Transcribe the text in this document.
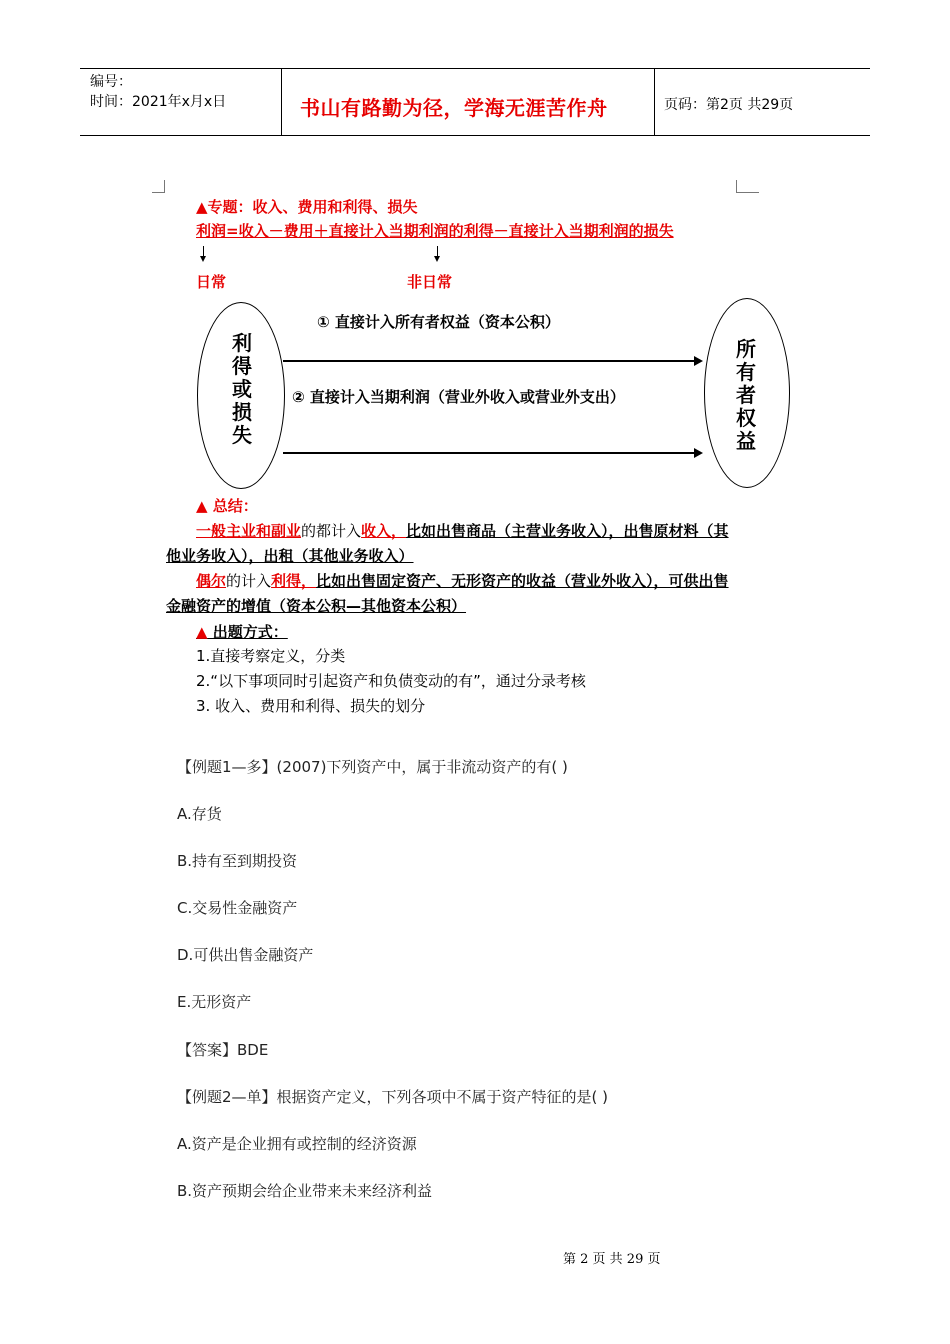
编号：
时间：2021年x月x日	书山有路勤为径，学海无涯苦作舟	页码：第2页 共29页
▲专题：收入、费用和利得、损失
利润=收入－费用＋直接计入当期利润的利得－直接计入当期利润的损失
日常	非日常
利
得
或
损
失
所
有
者
权
益
① 直接计入所有者权益（资本公积）
② 直接计入当期利润（营业外收入或营业外支出）
▲ 总结：
一般主业和副业的都计入收入，比如出售商品（主营业务收入），出售原材料（其
他业务收入），出租（其他业务收入）
偶尔的计入利得，比如出售固定资产、无形资产的收益（营业外收入），可供出售
金融资产的增值（资本公积—其他资本公积）
▲ 出题方式：
1.直接考察定义，分类
2.“以下事项同时引起资产和负债变动的有”，通过分录考核
3. 收入、费用和利得、损失的划分
【例题1—多】(2007)下列资产中，属于非流动资产的有( )
A.存货
B.持有至到期投资
C.交易性金融资产
D.可供出售金融资产
E.无形资产
【答案】BDE
【例题2—单】根据资产定义，下列各项中不属于资产特征的是( )
A.资产是企业拥有或控制的经济资源
B.资产预期会给企业带来未来经济利益
第 2 页 共 29 页
